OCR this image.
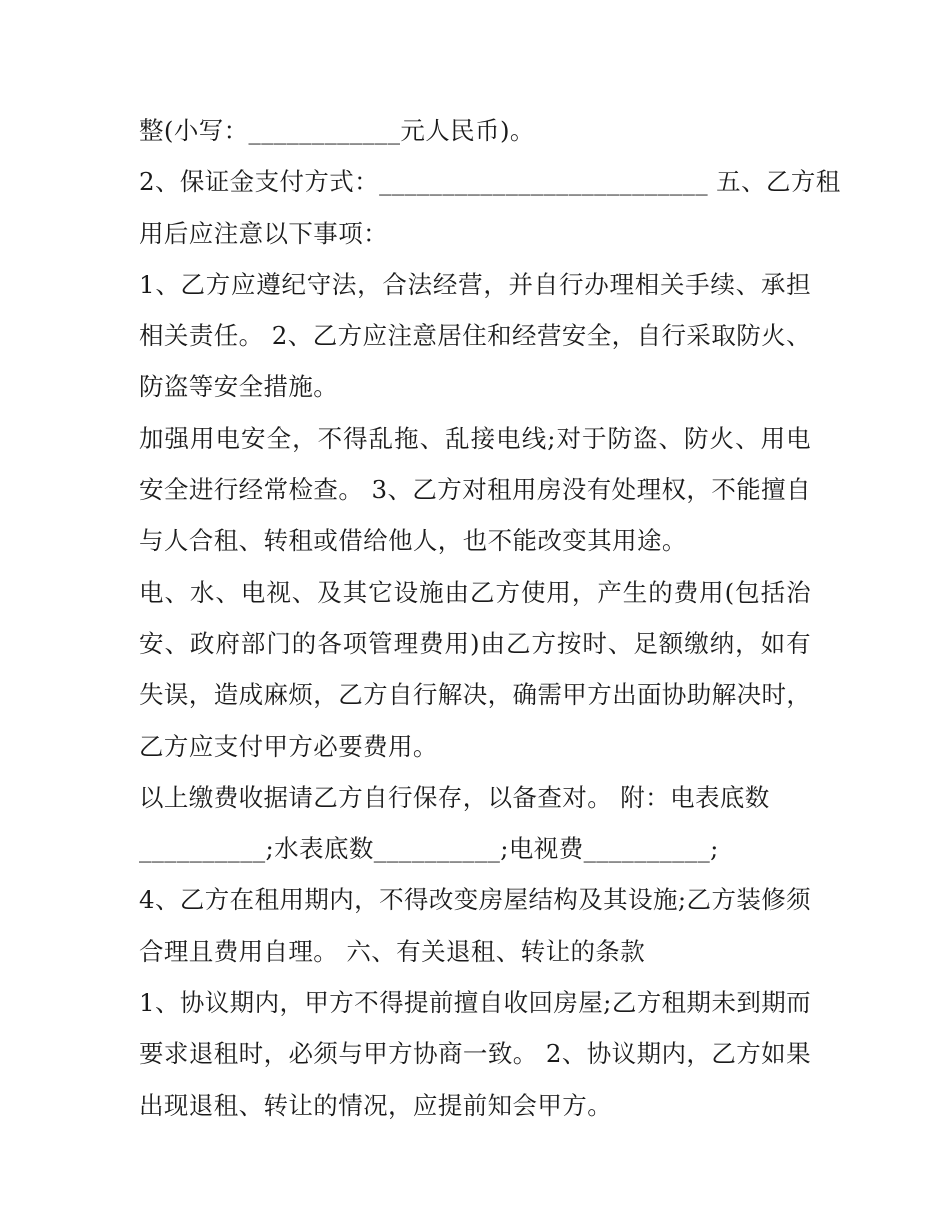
整(小写：____________元人民币)。
2、保证金支付方式：__________________________ 五、乙方租
用后应注意以下事项：
1、乙方应遵纪守法，合法经营，并自行办理相关手续、承担
相关责任。 2、乙方应注意居住和经营安全，自行采取防火、
防盗等安全措施。
加强用电安全，不得乱拖、乱接电线;对于防盗、防火、用电
安全进行经常检查。 3、乙方对租用房没有处理权，不能擅自
与人合租、转租或借给他人，也不能改变其用途。
电、水、电视、及其它设施由乙方使用，产生的费用(包括治
安、政府部门的各项管理费用)由乙方按时、足额缴纳，如有
失误，造成麻烦，乙方自行解决，确需甲方出面协助解决时，
乙方应支付甲方必要费用。
以上缴费收据请乙方自行保存，以备查对。 附：电表底数
__________;水表底数__________;电视费__________;
4、乙方在租用期内，不得改变房屋结构及其设施;乙方装修须
合理且费用自理。 六、有关退租、转让的条款
1、协议期内，甲方不得提前擅自收回房屋;乙方租期未到期而
要求退租时，必须与甲方协商一致。 2、协议期内，乙方如果
出现退租、转让的情况，应提前知会甲方。
